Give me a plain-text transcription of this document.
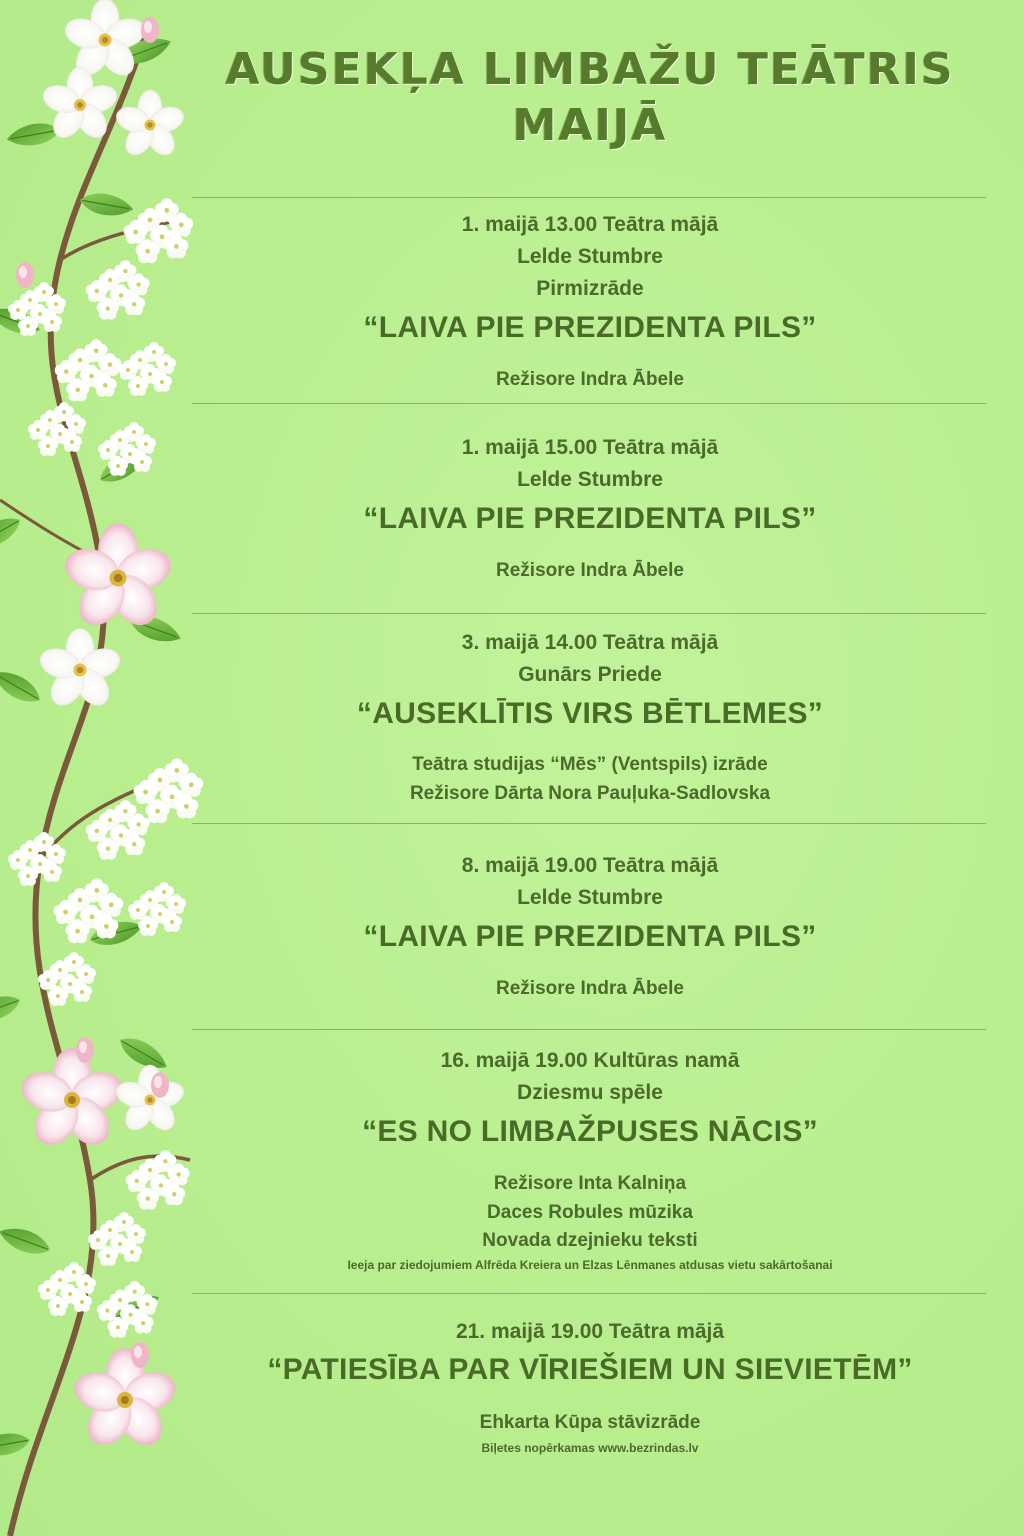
AUSEKĻA LIMBAŽU TEĀTRIS
MAIJĀ
1. maijā 13.00 Teātra mājā
Lelde Stumbre
Pirmizrāde
“LAIVA PIE PREZIDENTA PILS”
Režisore Indra Ābele
1. maijā 15.00 Teātra mājā
Lelde Stumbre
“LAIVA PIE PREZIDENTA PILS”
Režisore Indra Ābele
3. maijā 14.00 Teātra mājā
Gunārs Priede
“AUSEKLĪTIS VIRS BĒTLEMES”
Teātra studijas “Mēs” (Ventspils) izrāde
Režisore Dārta Nora Pauļuka-Sadlovska
8. maijā 19.00 Teātra mājā
Lelde Stumbre
“LAIVA PIE PREZIDENTA PILS”
Režisore Indra Ābele
16. maijā 19.00 Kultūras namā
Dziesmu spēle
“ES NO LIMBAŽPUSES NĀCIS”
Režisore Inta Kalniņa
Daces Robules mūzika
Novada dzejnieku teksti
Ieeja par ziedojumiem Alfrēda Kreiera un Elzas Lēnmanes atdusas vietu sakārtošanai
21. maijā 19.00 Teātra mājā
“PATIESĪBA PAR VĪRIEŠIEM UN SIEVIETĒM”
Ehkarta Kūpa stāvizrāde
Biļetes nopērkamas www.bezrindas.lv
